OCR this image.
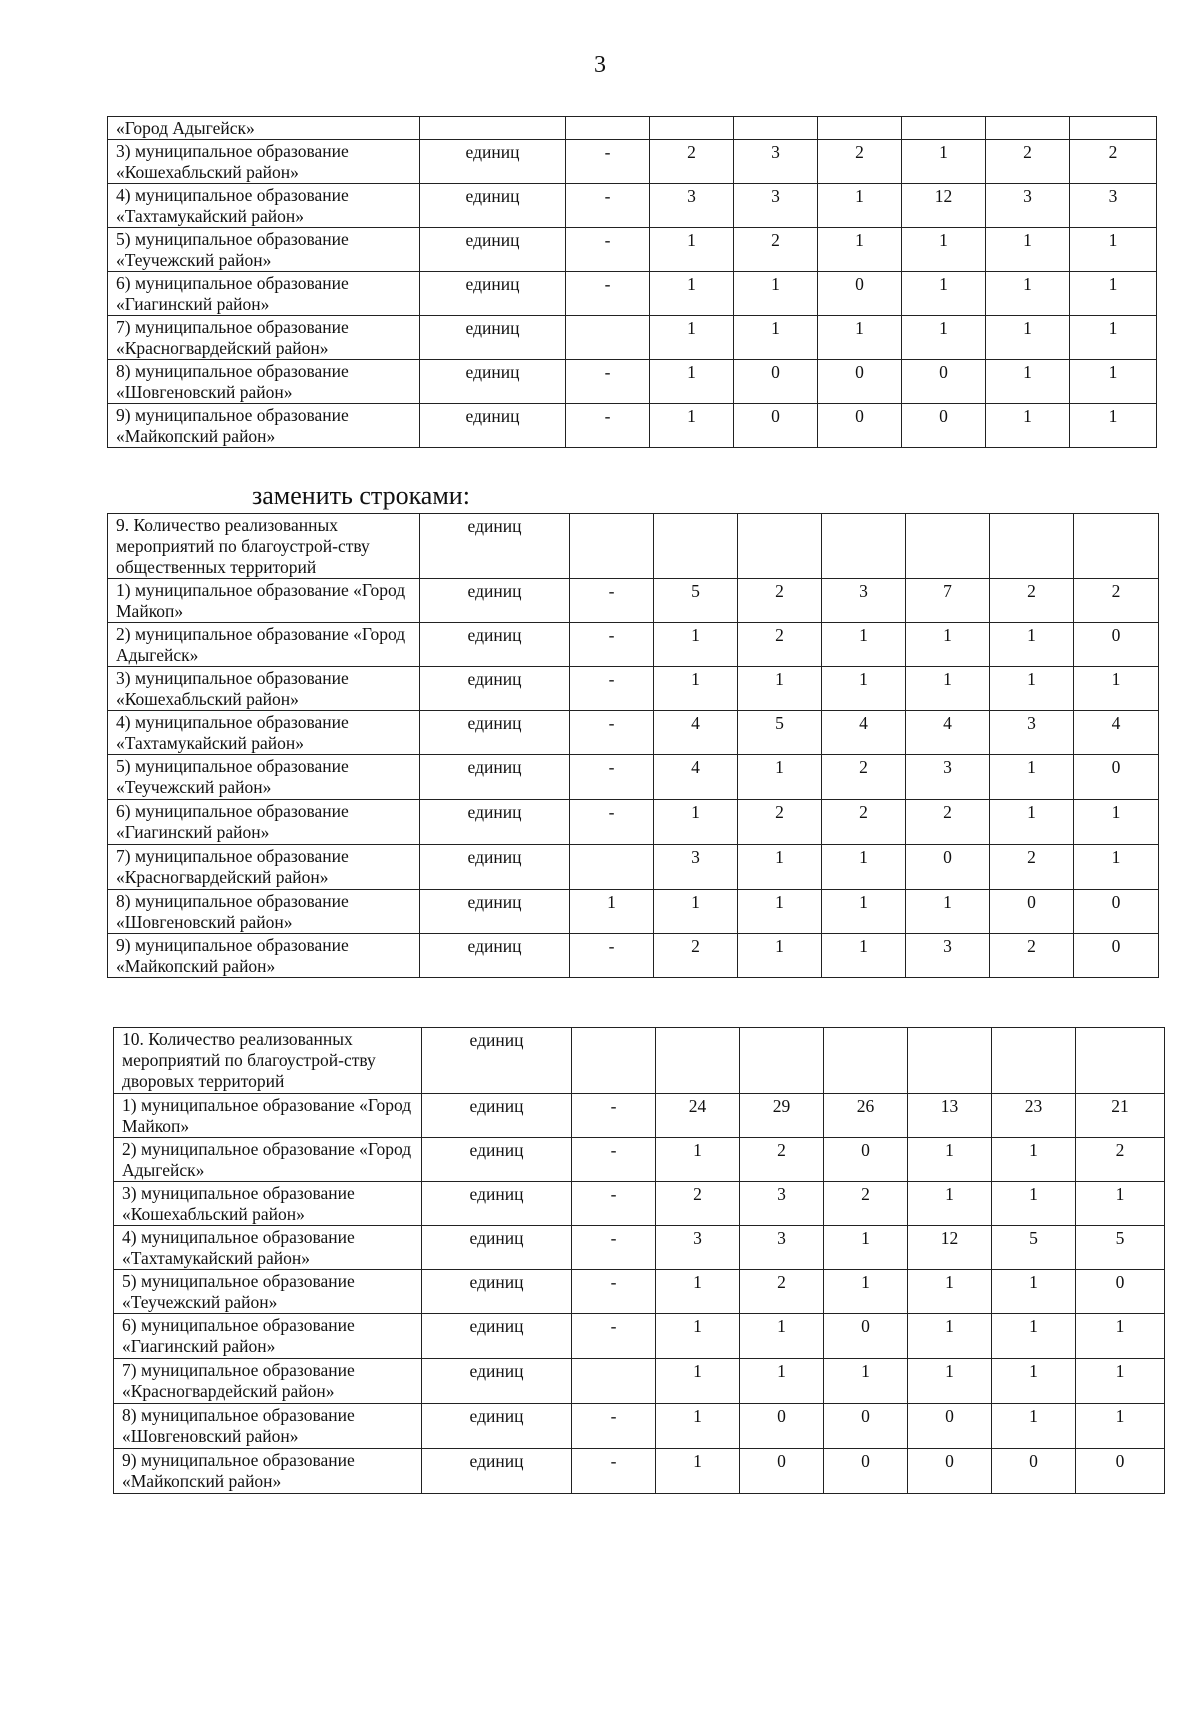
3
«Город Адыгейск»								
3) муниципальное образование «Кошехабльский район»	единиц	-	2	3	2	1	2	2
4) муниципальное образование «Тахтамукайский район»	единиц	-	3	3	1	12	3	3
5) муниципальное образование «Теучежский район»	единиц	-	1	2	1	1	1	1
6) муниципальное образование «Гиагинский район»	единиц	-	1	1	0	1	1	1
7) муниципальное образование «Красногвардейский район»	единиц		1	1	1	1	1	1
8) муниципальное образование «Шовгеновский район»	единиц	-	1	0	0	0	1	1
9) муниципальное образование «Майкопский район»	единиц	-	1	0	0	0	1	1
заменить строками:
9. Количество реализованных мероприятий по благоустрой-ству общественных территорий	единиц							
1) муниципальное образование «Город Майкоп»	единиц	-	5	2	3	7	2	2
2) муниципальное образование «Город Адыгейск»	единиц	-	1	2	1	1	1	0
3) муниципальное образование «Кошехабльский район»	единиц	-	1	1	1	1	1	1
4) муниципальное образование «Тахтамукайский район»	единиц	-	4	5	4	4	3	4
5) муниципальное образование «Теучежский район»	единиц	-	4	1	2	3	1	0
6) муниципальное образование «Гиагинский район»	единиц	-	1	2	2	2	1	1
7) муниципальное образование «Красногвардейский район»	единиц		3	1	1	0	2	1
8) муниципальное образование «Шовгеновский район»	единиц	1	1	1	1	1	0	0
9) муниципальное образование «Майкопский район»	единиц	-	2	1	1	3	2	0
10. Количество реализованных мероприятий по благоустрой-ству дворовых территорий	единиц							
1) муниципальное образование «Город Майкоп»	единиц	-	24	29	26	13	23	21
2) муниципальное образование «Город Адыгейск»	единиц	-	1	2	0	1	1	2
3) муниципальное образование «Кошехабльский район»	единиц	-	2	3	2	1	1	1
4) муниципальное образование «Тахтамукайский район»	единиц	-	3	3	1	12	5	5
5) муниципальное образование «Теучежский район»	единиц	-	1	2	1	1	1	0
6) муниципальное образование «Гиагинский район»	единиц	-	1	1	0	1	1	1
7) муниципальное образование «Красногвардейский район»	единиц		1	1	1	1	1	1
8) муниципальное образование «Шовгеновский район»	единиц	-	1	0	0	0	1	1
9) муниципальное образование «Майкопский район»	единиц	-	1	0	0	0	0	0
